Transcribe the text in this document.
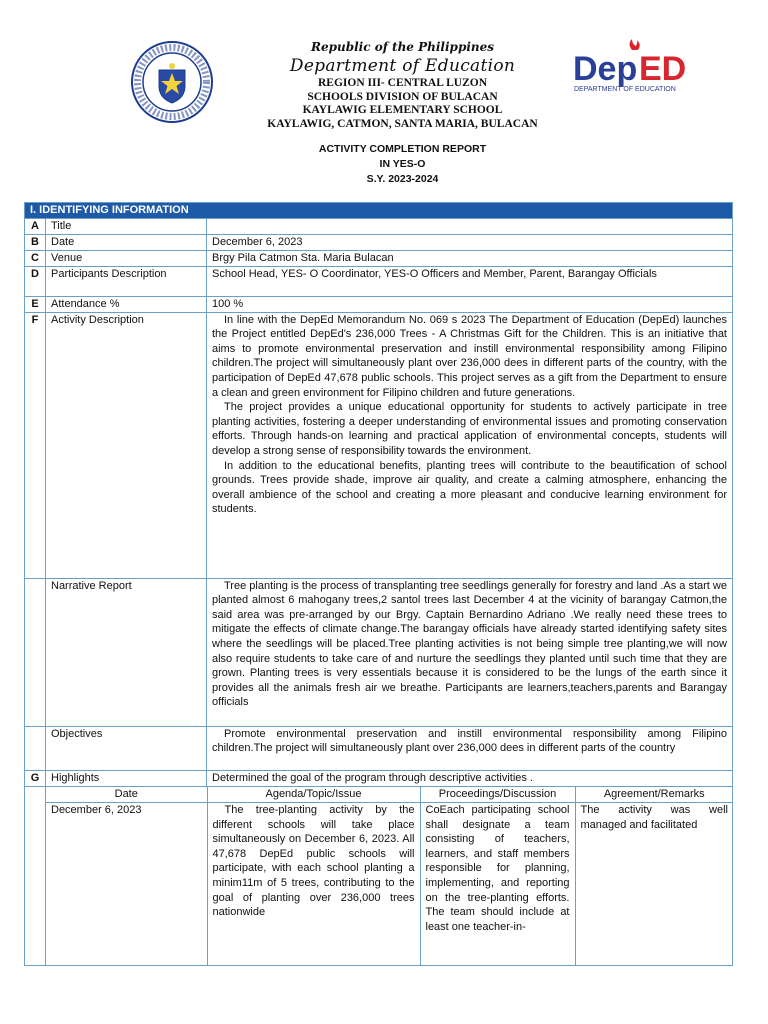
Republic of the Philippines
Department of Education
REGION III- CENTRAL LUZON
SCHOOLS DIVISION OF BULACAN
KAYLAWIG ELEMENTARY SCHOOL
KAYLAWIG, CATMON, SANTA MARIA, BULACAN
Dep ED
DEPARTMENT OF EDUCATION
ACTIVITY COMPLETION REPORT
IN YES-O
S.Y. 2023-2024
I. IDENTIFYING INFORMATION
A	Title	
B	Date	December 6, 2023
C	Venue	Brgy Pila Catmon Sta. Maria Bulacan
D	Participants Description	School Head, YES- O Coordinator, YES-O Officers and Member, Parent, Barangay Officials
E	Attendance %	100 %
F	Activity Description	In line with the DepEd Memorandum No. 069 s 2023 The Department of Education (DepEd) launches the Project entitled DepEd's 236,000 Trees - A Christmas Gift for the Children. This is an initiative that aims to promote environmental preservation and instill environmental responsibility among Filipino children.The project will simultaneously plant over 236,000 dees in different parts of the country, with the participation of DepEd 47,678 public schools. This project serves as a gift from the Department to ensure a clean and green environment for Filipino children and future generations.
The project provides a unique educational opportunity for students to actively participate in tree planting activities, fostering a deeper understanding of environmental issues and promoting conservation efforts. Through hands-on learning and practical application of environmental concepts, students will develop a strong sense of responsibility towards the environment.
In addition to the educational benefits, planting trees will contribute to the beautification of school grounds. Trees provide shade, improve air quality, and create a calming atmosphere, enhancing the overall ambience of the school and creating a more pleasant and conducive learning environment for students.

	Narrative Report	Tree planting is the process of transplanting tree seedlings generally for forestry and land .As a start we planted almost 6 mahogany trees,2 santol trees last December 4 at the vicinity of barangay Catmon,the said area was pre-arranged by our Brgy. Captain Bernardino Adriano .We really need these trees to mitigate the effects of climate change.The barangay officials have already started identifying safety sites where the seedlings will be placed.Tree planting activities is not being simple tree planting,we will now also require students to take care of and nurture the seedlings they planted until such time that they are grown. Planting trees is very essentials because it is considered to be the lungs of the earth since it provides all the animals fresh air we breathe. Participants are learners,teachers,parents and Barangay officials
	Objectives	Promote environmental preservation and instill environmental responsibility among Filipino children.The project will simultaneously plant over 236,000 dees in different parts of the country
G	Highlights	Determined the goal of the program through descriptive activities .

Date	Agenda/Topic/Issue	Proceedings/Discussion	Agreement/Remarks
December 6, 2023	The tree-planting activity by the different schools will take place simultaneously on December 6, 2023. All 47,678 DepEd public schools will participate, with each school planting a minim11m of 5 trees, contributing to the goal of planting over 236,000 trees nationwide	CoEach participating school shall designate a team consisting of teachers, learners, and staff members responsible for planning, implementing, and reporting on the tree-planting efforts. The team should include at least one teacher-in-	The activity was well managed and facilitated
